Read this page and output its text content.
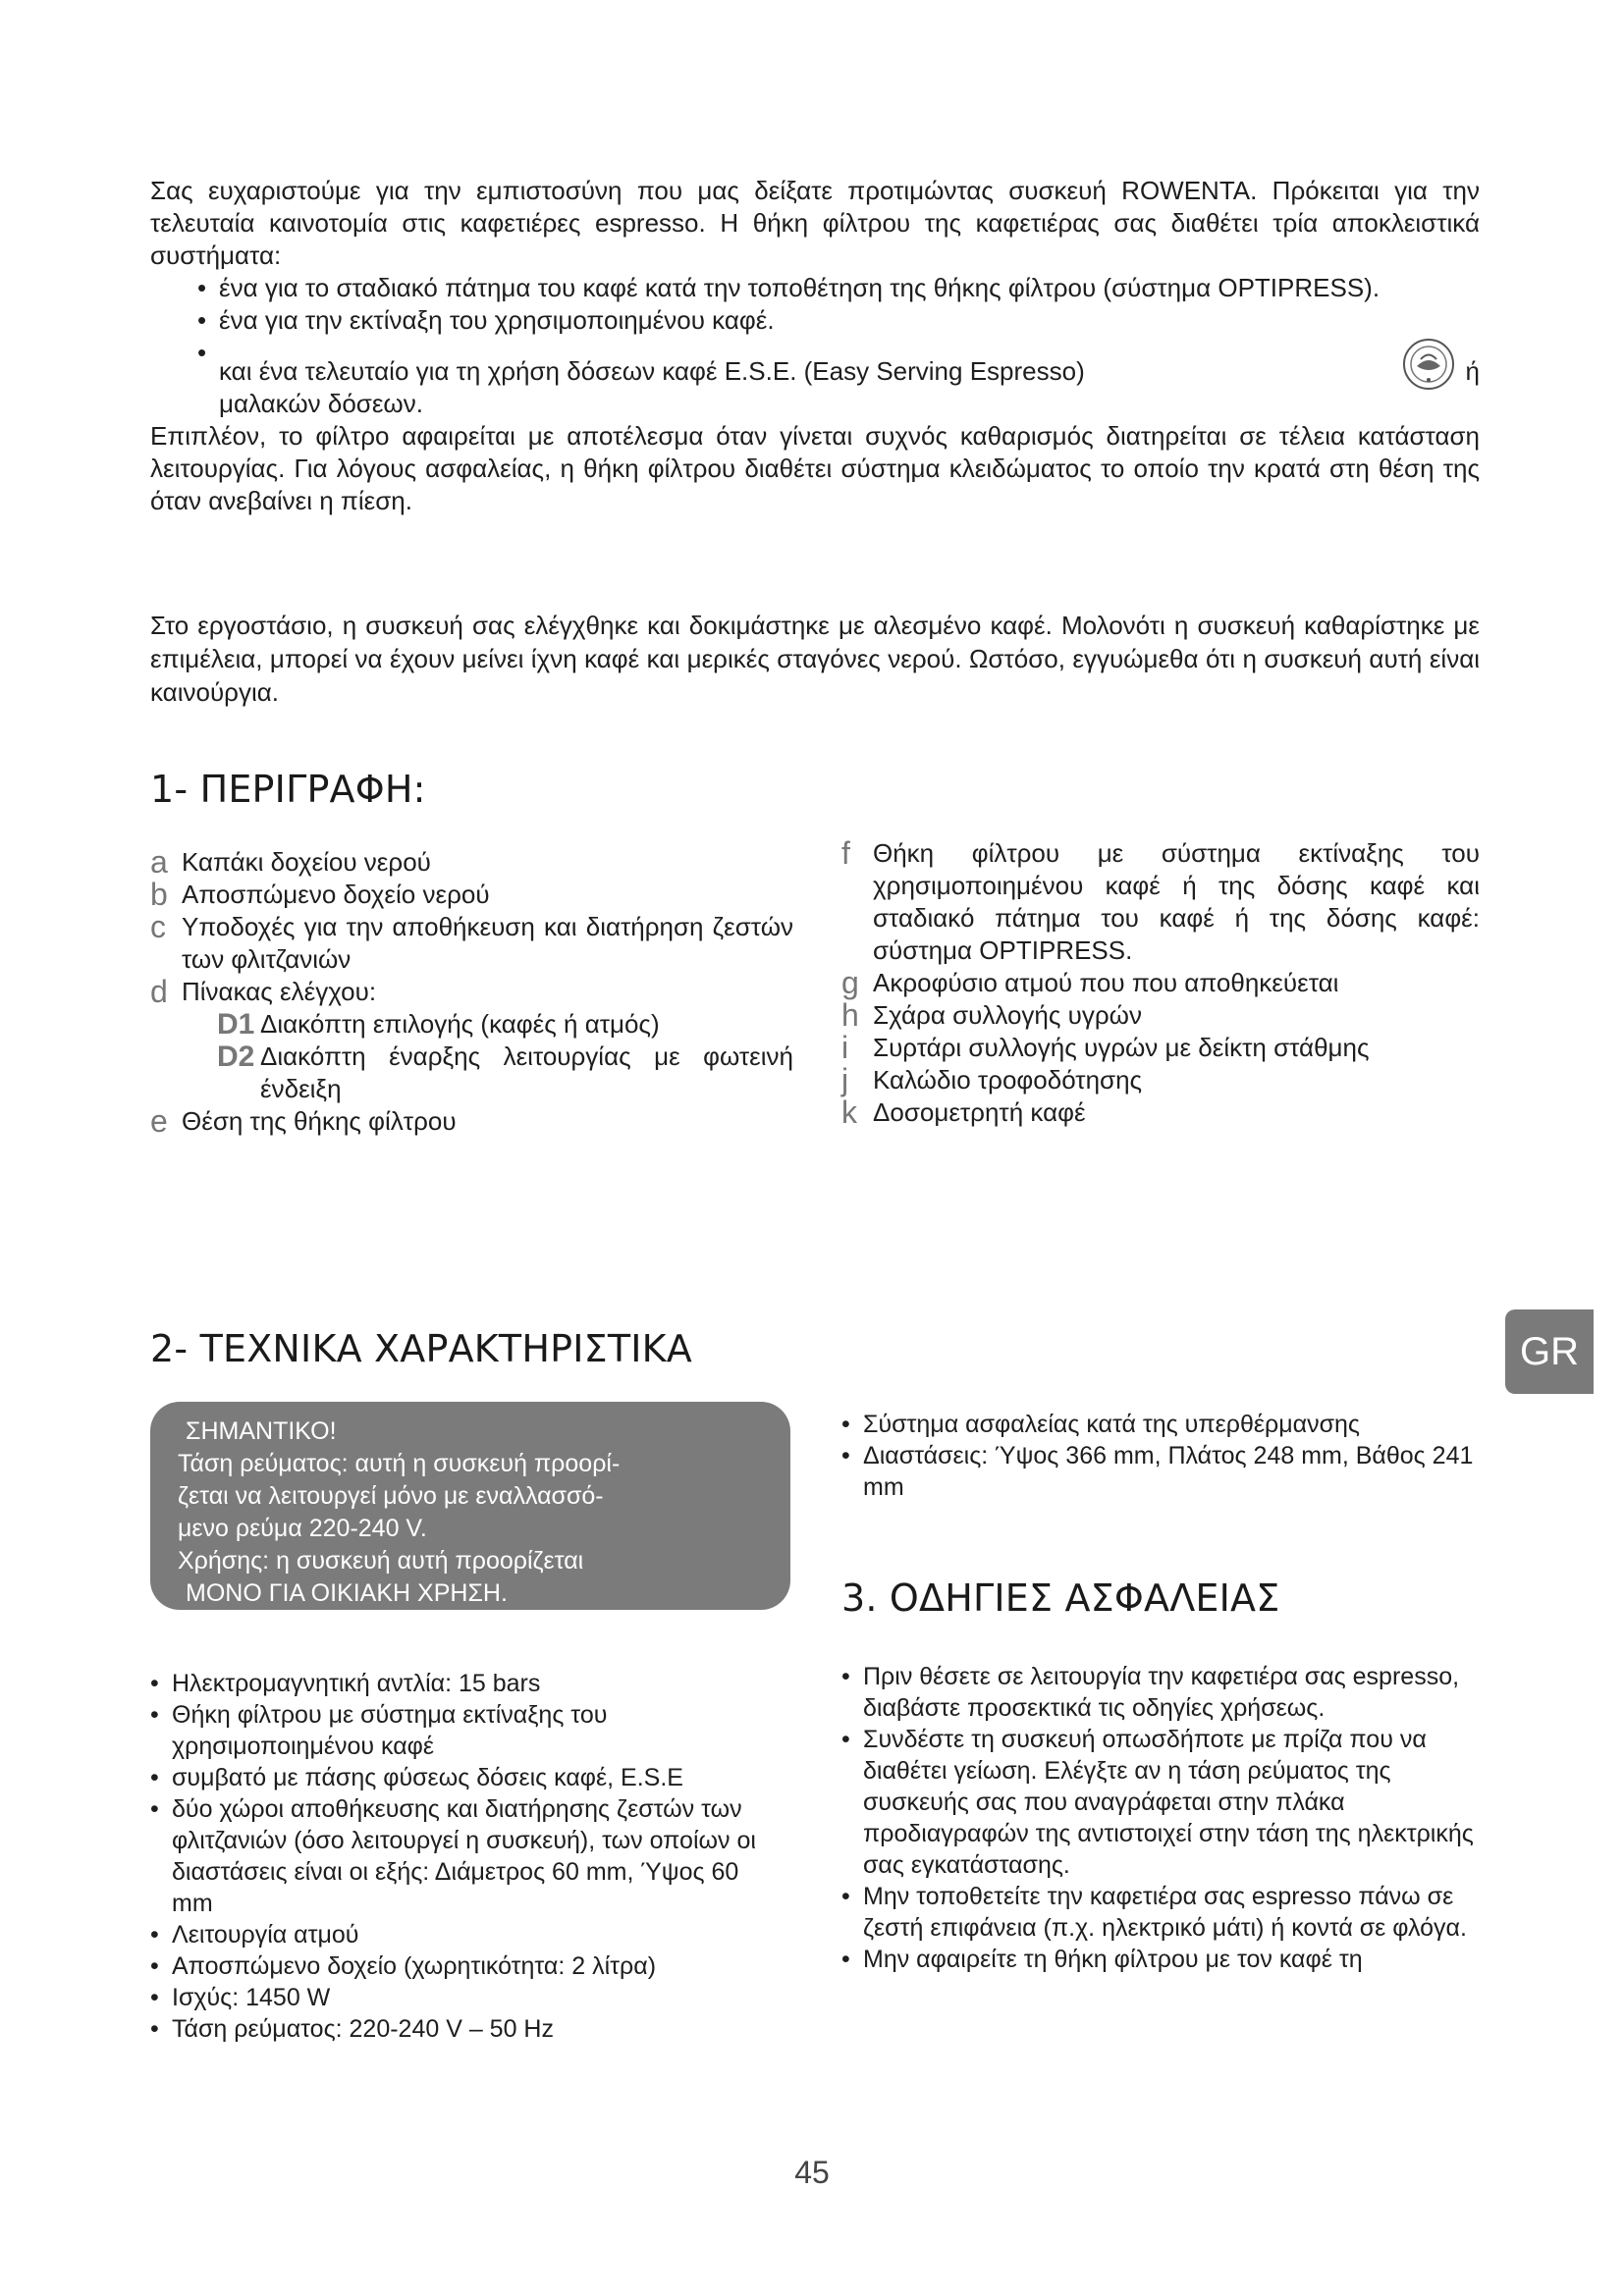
Σας ευχαριστούμε για την εμπιστοσύνη που μας δείξατε προτιμώντας συσκευή ROWENTA. Πρόκειται για την τελευταία καινοτομία στις καφετιέρες espresso. Η θήκη φίλτρου της καφετιέρας σας διαθέτει τρία αποκλειστικά συστήματα:

• ένα για το σταδιακό πάτημα του καφέ κατά την τοποθέτηση της θήκης φίλτρου (σύστημα OPTIPRESS).
• ένα για την εκτίναξη του χρησιμοποιημένου καφέ.
• και ένα τελευταίο για τη χρήση δόσεων καφέ E.S.E. (Easy Serving Espresso)	ή
μαλακών δόσεων.

Επιπλέον, το φίλτρο αφαιρείται με αποτέλεσμα όταν γίνεται συχνός καθαρισμός διατηρείται σε τέλεια κατάσταση λειτουργίας. Για λόγους ασφαλείας, η θήκη φίλτρου διαθέτει σύστημα κλειδώματος το οποίο την κρατά στη θέση της όταν ανεβαίνει η πίεση.

Στο εργοστάσιο, η συσκευή σας ελέγχθηκε και δοκιμάστηκε με αλεσμένο καφέ. Μολονότι η συσκευή καθαρίστηκε με επιμέλεια, μπορεί να έχουν μείνει ίχνη καφέ και μερικές σταγόνες νερού. Ωστόσο, εγγυώμεθα ότι η συσκευή αυτή είναι καινούργια.

1- ΠΕΡΙΓΡΑΦΗ:
a Καπάκι δοχείου νερού
b Αποσπώμενο δοχείο νερού
c Υποδοχές για την αποθήκευση και διατήρηση ζεστών των φλιτζανιών
d Πίνακας ελέγχου:
D1 Διακόπτη επιλογής (καφές ή ατμός)
D2 Διακόπτη έναρξης λειτουργίας με φωτεινή ένδειξη
e Θέση της θήκης φίλτρου
f Θήκη φίλτρου με σύστημα εκτίναξης του χρησιμοποιημένου καφέ ή της δόσης καφέ και σταδιακό πάτημα του καφέ ή της δόσης καφέ: σύστημα OPTIPRESS.
g Ακροφύσιο ατμού που που αποθηκεύεται
h Σχάρα συλλογής υγρών
i Συρτάρι συλλογής υγρών με δείκτη στάθμης
j Καλώδιο τροφοδότησης
k Δοσομετρητή καφέ
2- ΤΕΧΝΙΚΑ ΧΑΡΑΚΤΗΡΙΣΤΙΚΑ	GR
ΣΗΜΑΝΤΙΚΟ!
Τάση ρεύματος: αυτή η συσκευή προορί-
ζεται να λειτουργεί μόνο με εναλλασσό-
μενο ρεύμα 220-240 V.
Χρήσης: η συσκευή αυτή προορίζεται
ΜΟΝΟ ΓΙΑ ΟΙΚΙΑΚΗ ΧΡΗΣΗ.
• Ηλεκτρομαγνητική αντλία: 15 bars
• Θήκη φίλτρου με σύστημα εκτίναξης του χρησιμοποιημένου καφέ
• συμβατό με πάσης φύσεως δόσεις καφέ, E.S.E
• δύο χώροι αποθήκευσης και διατήρησης ζεστών των φλιτζανιών (όσο λειτουργεί η συσκευή), των οποίων οι διαστάσεις είναι οι εξής: Διάμετρος 60 mm, Ύψος 60 mm
• Λειτουργία ατμού
• Αποσπώμενο δοχείο (χωρητικότητα: 2 λίτρα)
• Ισχύς: 1450 W
• Τάση ρεύματος: 220-240 V – 50 Hz
• Σύστημα ασφαλείας κατά της υπερθέρμανσης
• Διαστάσεις: Ύψος 366 mm, Πλάτος 248 mm, Βάθος 241 mm
3. ΟΔΗΓΙΕΣ ΑΣΦΑΛΕΙΑΣ
• Πριν θέσετε σε λειτουργία την καφετιέρα σας espresso, διαβάστε προσεκτικά τις οδηγίες χρήσεως.
• Συνδέστε τη συσκευή οπωσδήποτε με πρίζα που να διαθέτει γείωση. Ελέγξτε αν η τάση ρεύματος της συσκευής σας που αναγράφεται στην πλάκα προδιαγραφών της αντιστοιχεί στην τάση της ηλεκτρικής σας εγκατάστασης.
• Μην τοποθετείτε την καφετιέρα σας espresso πάνω σε ζεστή επιφάνεια (π.χ. ηλεκτρικό μάτι) ή κοντά σε φλόγα.
• Μην αφαιρείτε τη θήκη φίλτρου με τον καφέ τη
45
